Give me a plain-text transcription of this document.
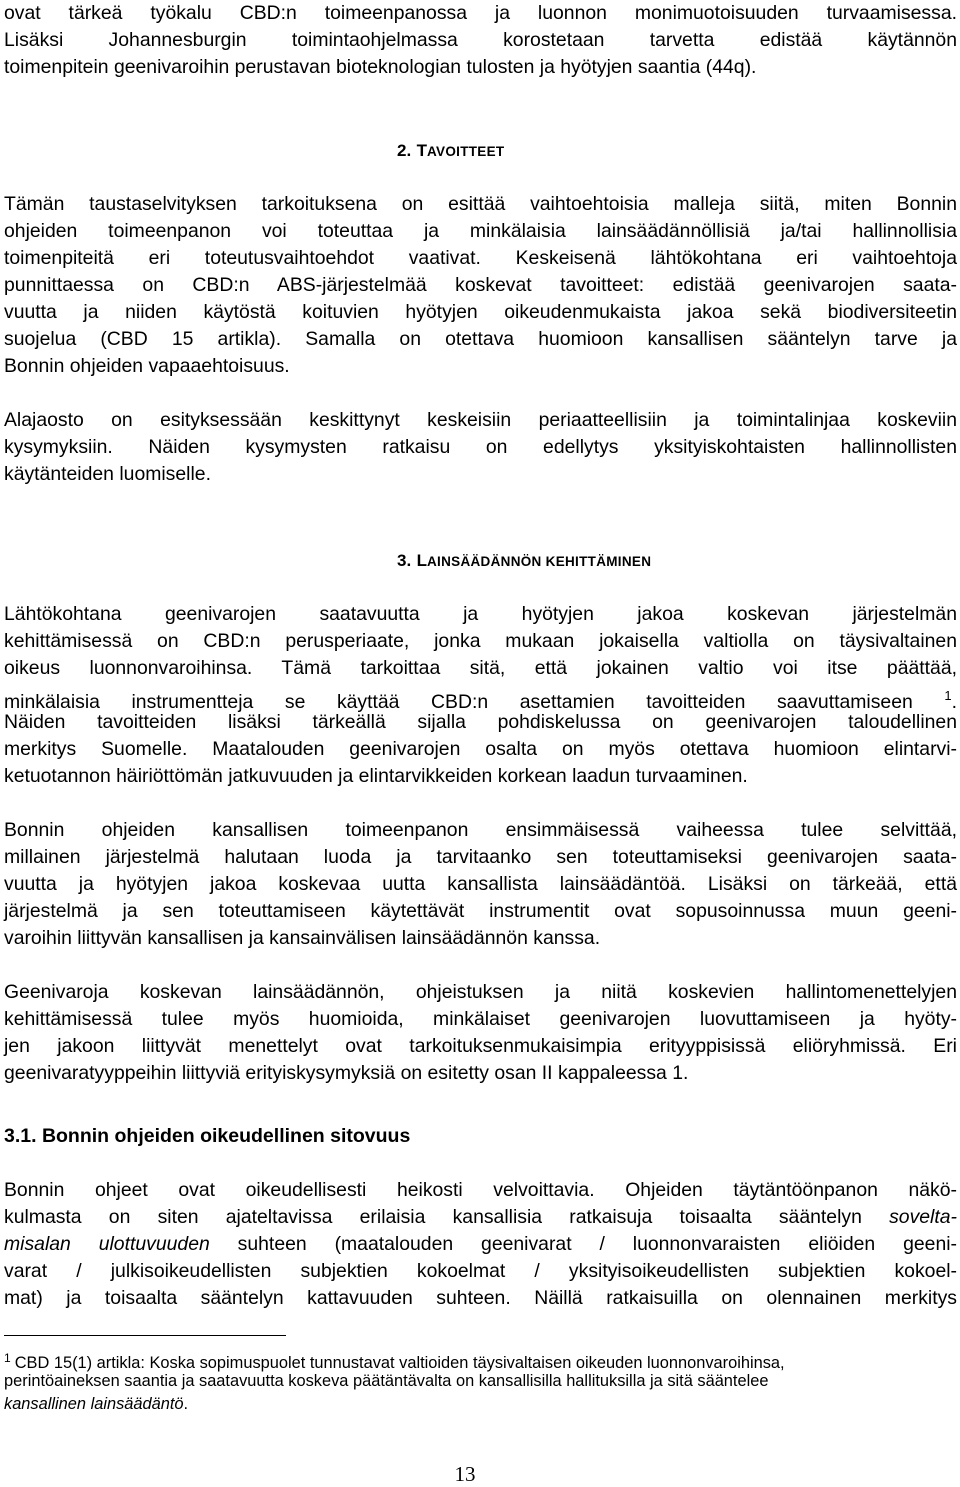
ovat tärkeä työkalu CBD:n toimeenpanossa ja luonnon monimuotoisuuden turvaamisessa.
Lisäksi Johannesburgin toimintaohjelmassa korostetaan tarvetta edistää käytännön
toimenpitein geenivaroihin perustavan bioteknologian tulosten ja hyötyjen saantia (44q).
2. TAVOITTEET
Tämän taustaselvityksen tarkoituksena on esittää vaihtoehtoisia malleja siitä, miten Bonnin
ohjeiden toimeenpanon voi toteuttaa ja minkälaisia lainsäädännöllisiä ja/tai hallinnollisia
toimenpiteitä eri toteutusvaihtoehdot vaativat. Keskeisenä lähtökohtana eri vaihtoehtoja
punnittaessa on CBD:n ABS-järjestelmää koskevat tavoitteet: edistää geenivarojen saata-
vuutta ja niiden käytöstä koituvien hyötyjen oikeudenmukaista jakoa sekä biodiversiteetin
suojelua (CBD 15 artikla). Samalla on otettava huomioon kansallisen sääntelyn tarve ja
Bonnin ohjeiden vapaaehtoisuus.
Alajaosto on esityksessään keskittynyt keskeisiin periaatteellisiin ja toimintalinjaa koskeviin
kysymyksiin. Näiden kysymysten ratkaisu on edellytys yksityiskohtaisten hallinnollisten
käytänteiden luomiselle.
3. LAINSÄÄDÄNNÖN KEHITTÄMINEN
Lähtökohtana geenivarojen saatavuutta ja hyötyjen jakoa koskevan järjestelmän
kehittämisessä on CBD:n perusperiaate, jonka mukaan jokaisella valtiolla on täysivaltainen
oikeus luonnonvaroihinsa. Tämä tarkoittaa sitä, että jokainen valtio voi itse päättää,
minkälaisia instrumentteja se käyttää CBD:n asettamien tavoitteiden saavuttamiseen $^1$.
Näiden tavoitteiden lisäksi tärkeällä sijalla pohdiskelussa on geenivarojen taloudellinen
merkitys Suomelle. Maatalouden geenivarojen osalta on myös otettava huomioon elintarvi-
ketuotannon häiriöttömän jatkuvuuden ja elintarvikkeiden korkean laadun turvaaminen.
Bonnin ohjeiden kansallisen toimeenpanon ensimmäisessä vaiheessa tulee selvittää,
millainen järjestelmä halutaan luoda ja tarvitaanko sen toteuttamiseksi geenivarojen saata-
vuutta ja hyötyjen jakoa koskevaa uutta kansallista lainsäädäntöä. Lisäksi on tärkeää, että
järjestelmä ja sen toteuttamiseen käytettävät instrumentit ovat sopusoinnussa muun geeni-
varoihin liittyvän kansallisen ja kansainvälisen lainsäädännön kanssa.
Geenivaroja koskevan lainsäädännön, ohjeistuksen ja niitä koskevien hallintomenettelyjen
kehittämisessä tulee myös huomioida, minkälaiset geenivarojen luovuttamiseen ja hyöty-
jen jakoon liittyvät menettelyt ovat tarkoituksenmukaisimpia erityyppisissä eliöryhmissä. Eri
geenivaratyyppeihin liittyviä erityiskysymyksiä on esitetty osan II kappaleessa 1.
3.1. Bonnin ohjeiden oikeudellinen sitovuus
Bonnin ohjeet ovat oikeudellisesti heikosti velvoittavia. Ohjeiden täytäntöönpanon näkö-
kulmasta on siten ajateltavissa erilaisia kansallisia ratkaisuja toisaalta sääntelyn soveltа-
misalan ulottuvuuden suhteen (maatalouden geenivarat / luonnonvaraisten eliöiden geeni-
varat / julkisoikeudellisten subjektien kokoelmat / yksityisoikeudellisten subjektien kokoel-
mat) ja toisaalta sääntelyn kattavuuden suhteen. Näillä ratkaisuilla on olennainen merkitys
$^1$ CBD 15(1) artikla: Koska sopimuspuolet tunnustavat valtioiden täysivaltaisen oikeuden luonnonvaroihinsa,
perintöaineksen saantia ja saatavuutta koskeva päätäntävalta on kansallisilla hallituksilla ja sitä sääntelee
kansallinen lainsäädäntö.
13
